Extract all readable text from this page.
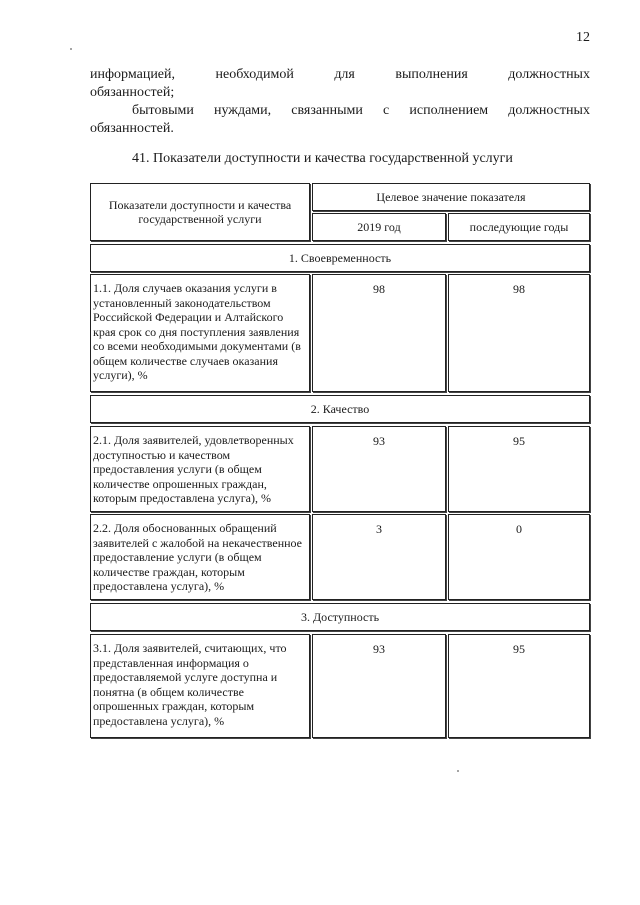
12
информацией,	необходимой	для	выполнения	должностных
обязанностей;
бытовыми нуждами, связанными с исполнением должностных
обязанностей.
41. Показатели доступности и качества государственной услуги
Показатели доступности и качества государственной услуги
Целевое значение показателя
2019 год	последующие годы
1. Своевременность
1.1. Доля случаев оказания услуги в установленный законодательством Российской Федерации и Алтайского края срок со дня поступления заявления со всеми необходимыми документами (в общем количестве случаев оказания услуги), %
98	98
2. Качество
2.1. Доля заявителей, удовлетворенных доступностью и качеством предоставления услуги (в общем количестве опрошенных граждан, которым предоставлена услуга), %
93	95
2.2. Доля обоснованных обращений заявителей с жалобой на некачественное предоставление услуги (в общем количестве граждан, которым предоставлена услуга), %
3	0
3. Доступность
3.1. Доля заявителей, считающих, что представленная информация о предоставляемой услуге доступна и понятна (в общем количестве опрошенных граждан, которым предоставлена услуга), %
93	95
